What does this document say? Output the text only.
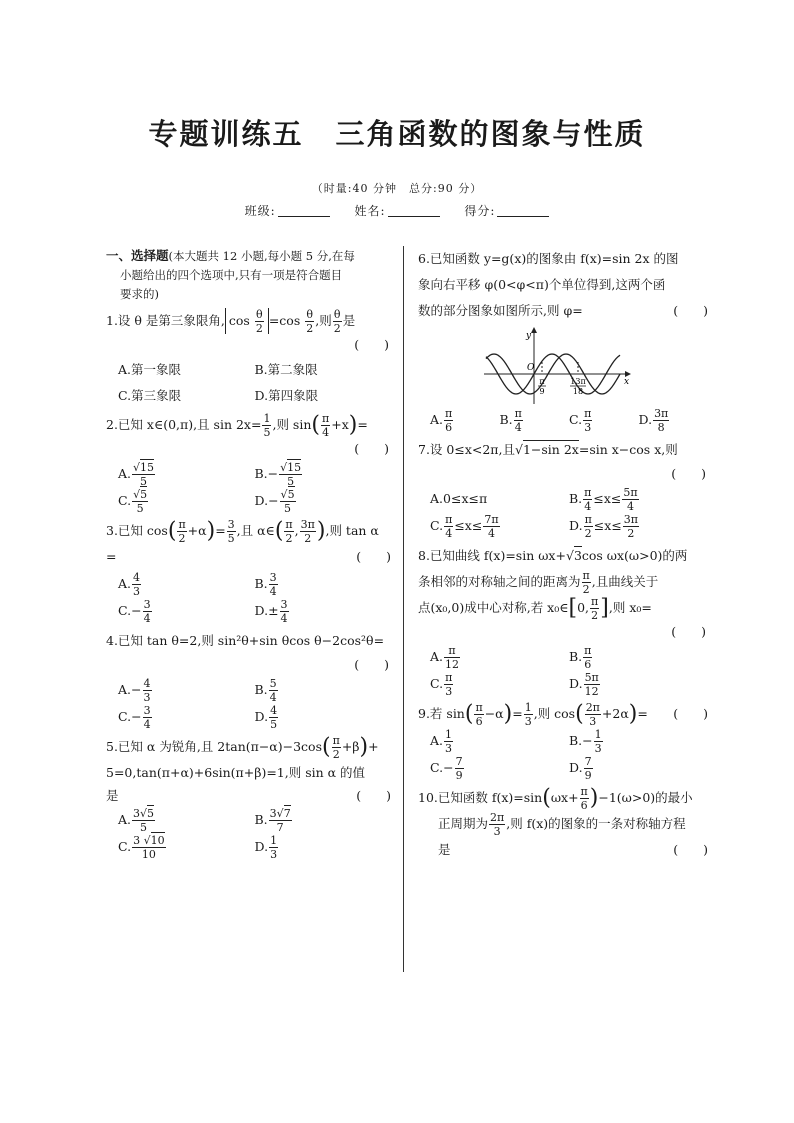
专题训练五 三角函数的图象与性质
（时量:40 分钟　总分:90 分）
班级:	姓名:	得分:
一、选择题(本大题共 12 小题,每小题 5 分,在每
小题给出的四个选项中,只有一项是符合题目
要求的)
1.设 θ 是第三象限角, $\cos \frac{\theta}{2} =\cos \frac{\theta}{2}$ ,则 $\frac{\theta}{2}$ 是
(　　)
A.第一象限	B.第二象限
C.第三象限	D.第四象限
2.已知 x∈(0,π),且 $\sin 2x= \frac{1}{5}$ ,则 $\sin( \frac{\pi}{4} +x)=$
(　　)
A. $\frac{√15}{5}$	$B.- \frac{√15}{5}$
C. $\frac{√5}{5}$	$D.- \frac{√5}{5}$
3.已知 $\cos( \frac{\pi}{2} +\alpha)= \frac{3}{5}$ ,且 α∈( $\frac{\pi}{2}$ , $\frac{3\pi}{2}$ ),则 tan α
=	(　　)
A. $\frac{4}{3}$	B. $\frac{3}{4}$
$C.- \frac{3}{4}$	$D.\pm \frac{3}{4}$
4.已知 tan θ=2,则 sin²θ+sin θcos θ−2cos²θ=
(　　)
$A.- \frac{4}{3}$	B. $\frac{5}{4}$
$C.- \frac{3}{4}$	D. $\frac{4}{5}$
5.已知 α 为锐角,且 $2\tan(\pi-\alpha)-3\cos( \frac{\pi}{2} +\beta)+$
5=0,tan(π+α)+6sin(π+β)=1,则 sin α 的值
是	(　　)
A. $\frac{3√5}{5}$	B. $\frac{3√7}{7}$
C. $\frac{3 √10}{10}$	D. $\frac{1}{3}$
6.已知函数 y=g(x)的图象由 f(x)=sin 2x 的图
象向右平移 φ(0<φ<π)个单位得到,这两个函
数的部分图象如图所示,则 φ=	(　　)
y
x
O
π
9
13π
18
A. $\frac{\pi}{6}$	B. $\frac{\pi}{4}$	C. $\frac{\pi}{3}$	D. $\frac{3\pi}{8}$
7.设 0≤x<2π,且√1−sin 2x=sin x−cos x,则
(　　)
A.0≤x≤π	B. $\frac{\pi}{4} \le x\le \frac{5\pi}{4}$
C. $\frac{\pi}{4} \le x\le \frac{7\pi}{4}$	D. $\frac{\pi}{2} \le x\le \frac{3\pi}{2}$
8.已知曲线 f(x)=sin ωx+√3cos ωx(ω>0)的两
条相邻的对称轴之间的距离为 $\frac{\pi}{2}$ ,且曲线关于
点(x₀,0)成中心对称,若 x₀∈[0, $\frac{\pi}{2}$ ],则 x₀=
(　　)
A. $\frac{\pi}{12}$	B. $\frac{\pi}{6}$
C. $\frac{\pi}{3}$	D. $\frac{5\pi}{12}$
9.若 $\sin( \frac{\pi}{6} -\alpha)= \frac{1}{3}$ ,则 $\cos( \frac{2\pi}{3} +2\alpha)=$ (　　)
A. $\frac{1}{3}$	$B.- \frac{1}{3}$
$C.- \frac{7}{9}$	D. $\frac{7}{9}$
10.已知函数 $f(x)=\sin(\omega x+ \frac{\pi}{6} )-1(\omega>0)$的最小
正周期为 $\frac{2\pi}{3}$ ,则 f(x)的图象的一条对称轴方程
是	(　　)
